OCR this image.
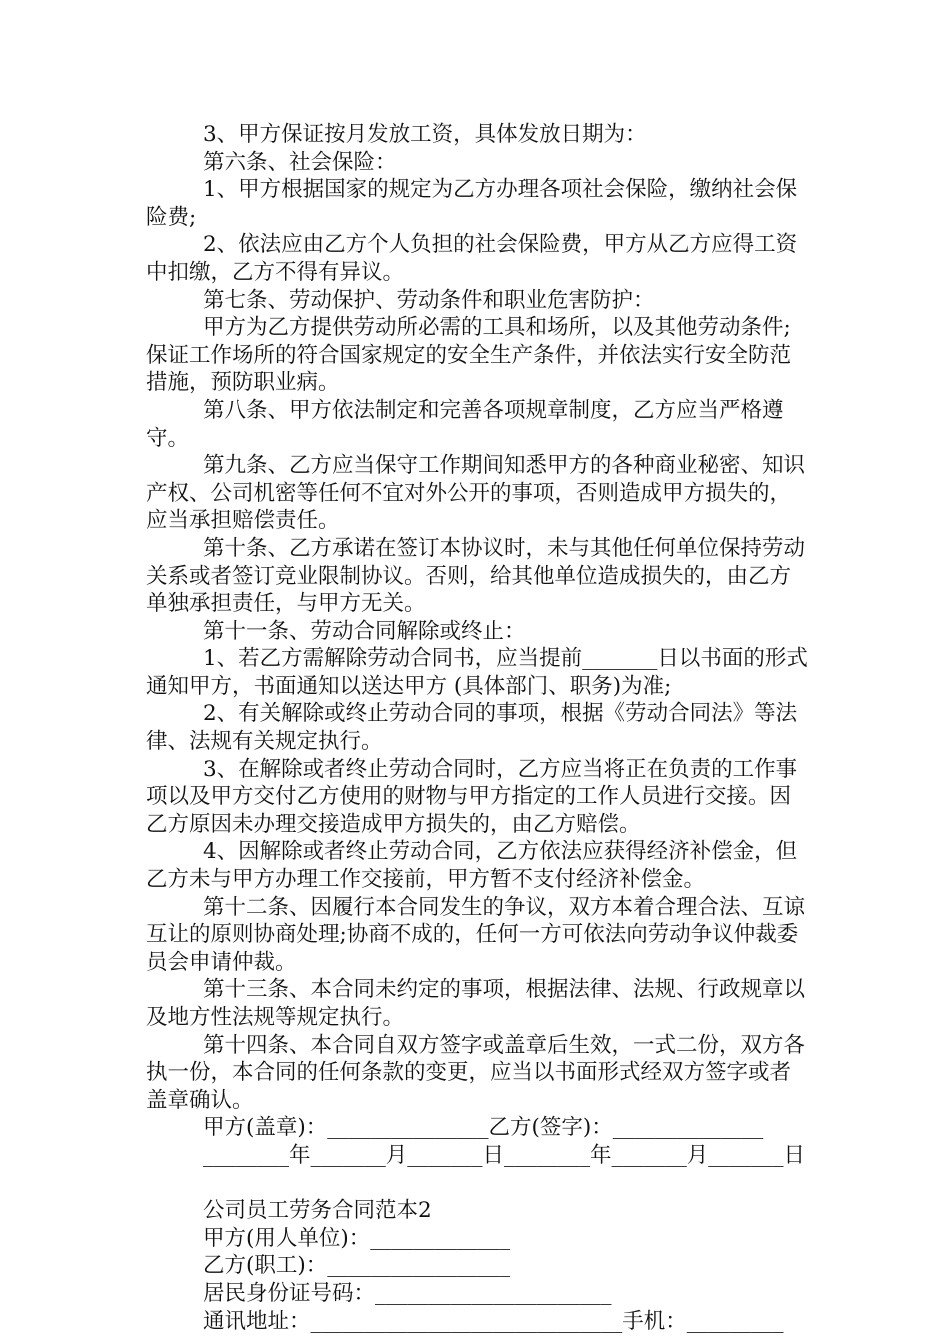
3、甲方保证按月发放工资，具体发放日期为：

第六条、社会保险：

1、甲方根据国家的规定为乙方办理各项社会保险，缴纳社会保险费;

2、依法应由乙方个人负担的社会保险费，甲方从乙方应得工资中扣缴，乙方不得有异议。

第七条、劳动保护、劳动条件和职业危害防护：

甲方为乙方提供劳动所必需的工具和场所，以及其他劳动条件;保证工作场所的符合国家规定的安全生产条件，并依法实行安全防范措施，预防职业病。

第八条、甲方依法制定和完善各项规章制度，乙方应当严格遵守。

第九条、乙方应当保守工作期间知悉甲方的各种商业秘密、知识产权、公司机密等任何不宜对外公开的事项，否则造成甲方损失的，应当承担赔偿责任。

第十条、乙方承诺在签订本协议时，未与其他任何单位保持劳动关系或者签订竞业限制协议。否则，给其他单位造成损失的，由乙方单独承担责任，与甲方无关。

第十一条、劳动合同解除或终止：

1、若乙方需解除劳动合同书，应当提前_______日以书面的形式通知甲方，书面通知以送达甲方 (具体部门、职务)为准;

2、有关解除或终止劳动合同的事项，根据《劳动合同法》等法律、法规有关规定执行。

3、在解除或者终止劳动合同时，乙方应当将正在负责的工作事项以及甲方交付乙方使用的财物与甲方指定的工作人员进行交接。因乙方原因未办理交接造成甲方损失的，由乙方赔偿。

4、因解除或者终止劳动合同，乙方依法应获得经济补偿金，但乙方未与甲方办理工作交接前，甲方暂不支付经济补偿金。

第十二条、因履行本合同发生的争议，双方本着合理合法、互谅互让的原则协商处理;协商不成的，任何一方可依法向劳动争议仲裁委员会申请仲裁。

第十三条、本合同未约定的事项，根据法律、法规、行政规章以及地方性法规等规定执行。

第十四条、本合同自双方签字或盖章后生效，一式二份，双方各执一份，本合同的任何条款的变更，应当以书面形式经双方签字或者盖章确认。

甲方(盖章)：_______________乙方(签字)：______________

________年_______月_______日________年_______月_______日

公司员工劳务合同范本2

甲方(用人单位)：_____________

乙方(职工)：_________________

居民身份证号码：______________________

通讯地址：_____________________________手机：_________
